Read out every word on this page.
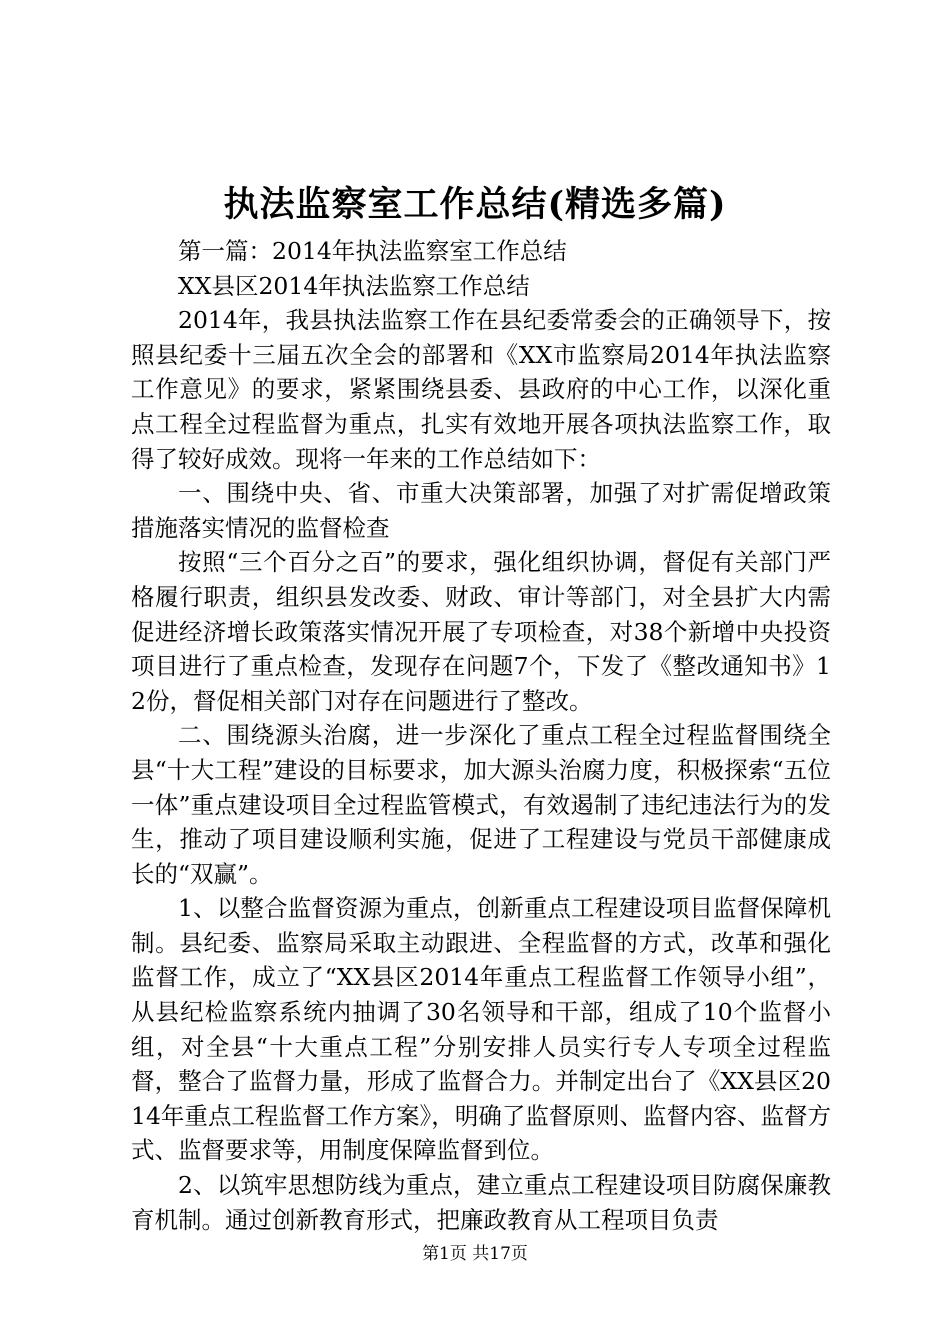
执法监察室工作总结(精选多篇)

第一篇：2014年执法监察室工作总结

XX县区2014年执法监察工作总结

2014年，我县执法监察工作在县纪委常委会的正确领导下，按照县纪委十三届五次全会的部署和《XX市监察局2014年执法监察工作意见》的要求，紧紧围绕县委、县政府的中心工作，以深化重点工程全过程监督为重点，扎实有效地开展各项执法监察工作，取得了较好成效。现将一年来的工作总结如下：

一、围绕中央、省、市重大决策部署，加强了对扩需促增政策措施落实情况的监督检查

按照“三个百分之百”的要求，强化组织协调，督促有关部门严格履行职责，组织县发改委、财政、审计等部门，对全县扩大内需促进经济增长政策落实情况开展了专项检查，对38个新增中央投资项目进行了重点检查，发现存在问题7个，下发了《整改通知书》12份，督促相关部门对存在问题进行了整改。

二、围绕源头治腐，进一步深化了重点工程全过程监督围绕全县“十大工程”建设的目标要求，加大源头治腐力度，积极探索“五位一体”重点建设项目全过程监管模式，有效遏制了违纪违法行为的发生，推动了项目建设顺利实施，促进了工程建设与党员干部健康成长的“双赢”。

1、以整合监督资源为重点，创新重点工程建设项目监督保障机制。县纪委、监察局采取主动跟进、全程监督的方式，改革和强化监督工作，成立了“XX县区2014年重点工程监督工作领导小组”，从县纪检监察系统内抽调了30名领导和干部，组成了10个监督小组，对全县“十大重点工程”分别安排人员实行专人专项全过程监督，整合了监督力量，形成了监督合力。并制定出台了《XX县区2014年重点工程监督工作方案》，明确了监督原则、监督内容、监督方式、监督要求等，用制度保障监督到位。

2、以筑牢思想防线为重点，建立重点工程建设项目防腐保廉教育机制。通过创新教育形式，把廉政教育从工程项目负责

第1页 共17页
